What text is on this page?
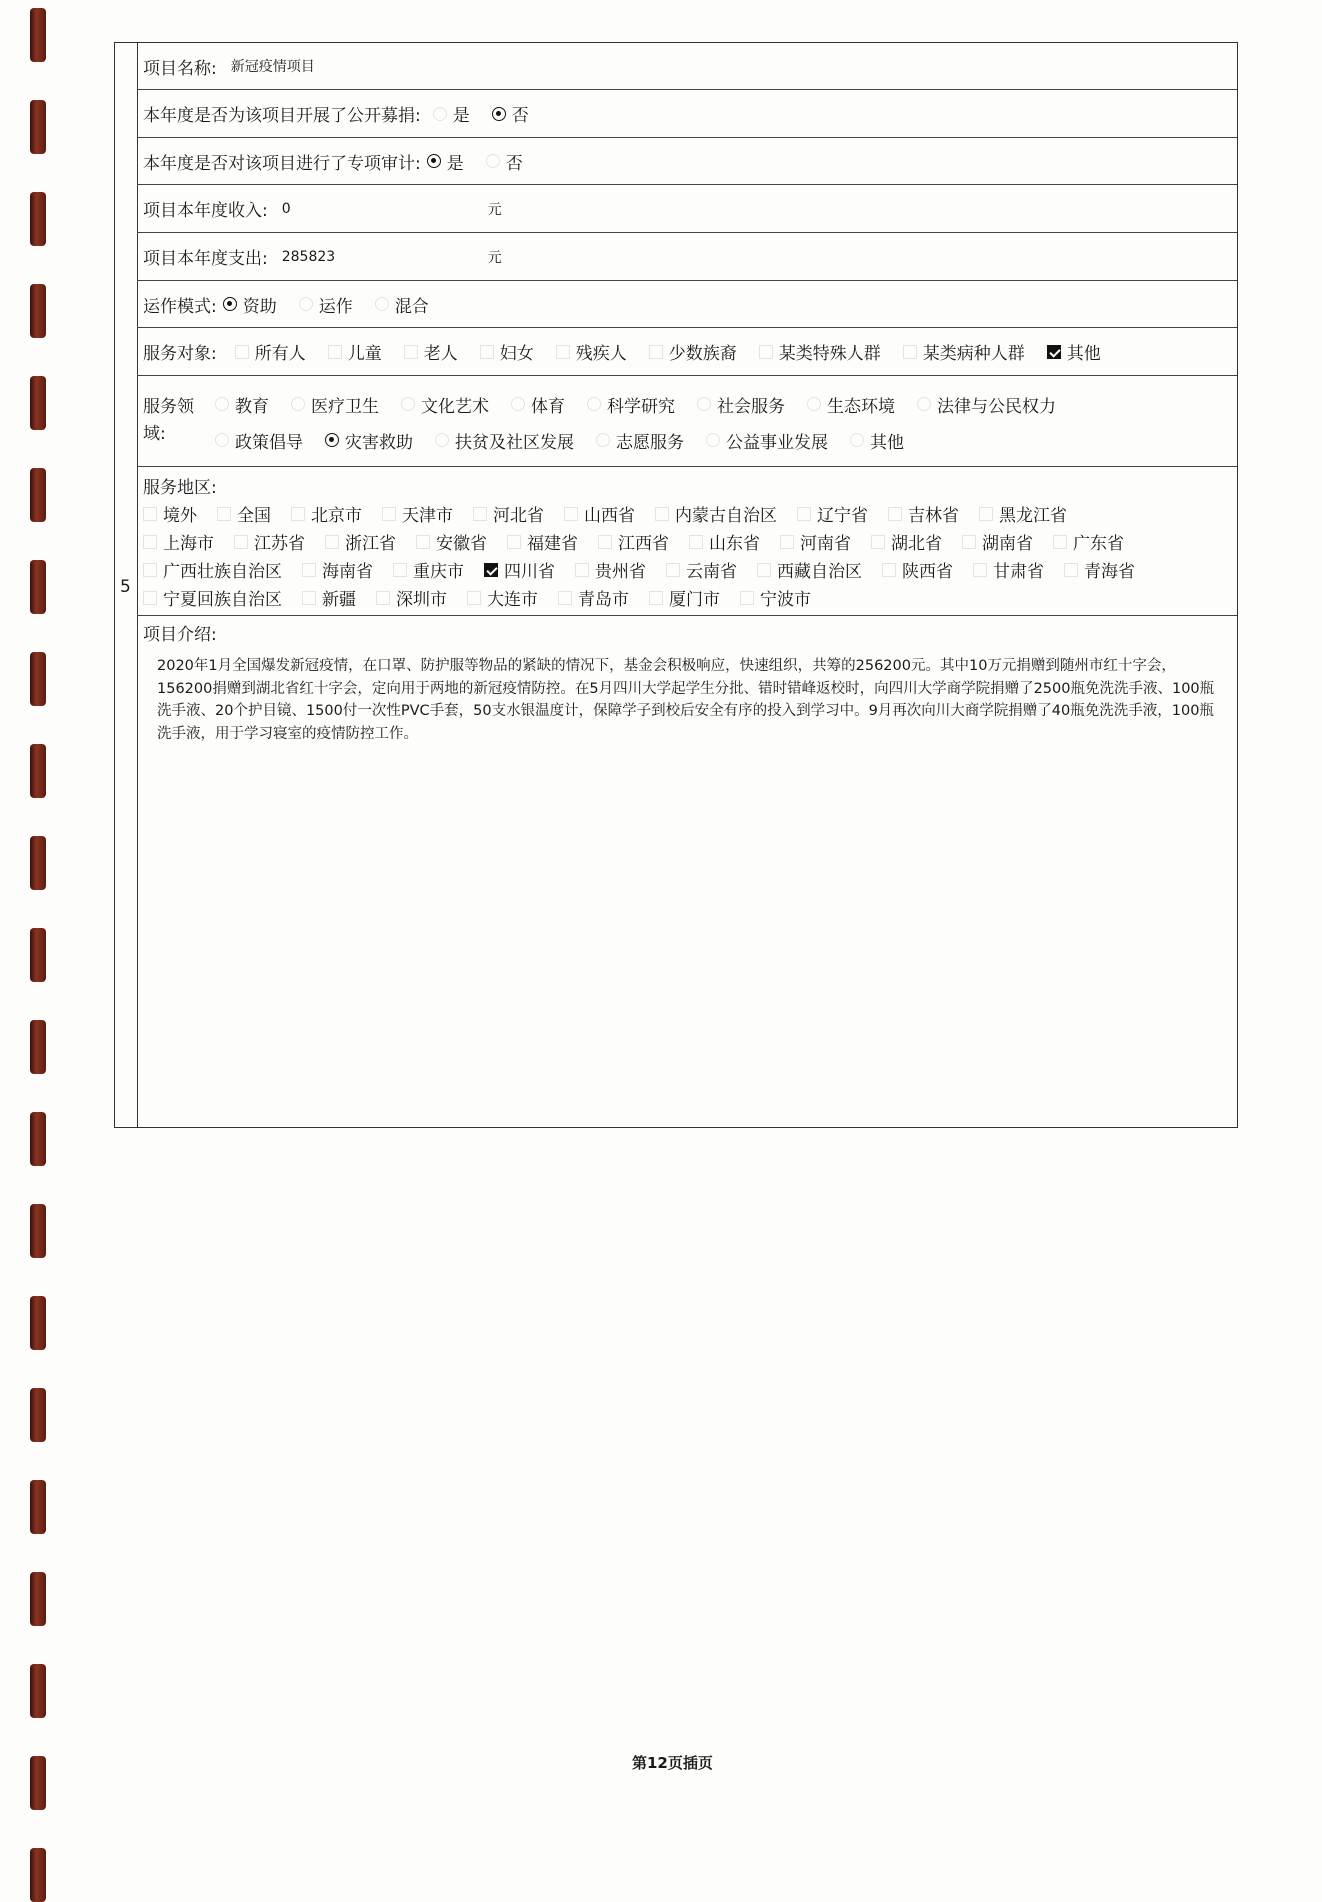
5
项目名称: 新冠疫情项目
本年度是否为该项目开展了公开募捐: 是 否
本年度是否对该项目进行了专项审计: 是 否
项目本年度收入: 0	元
项目本年度支出: 285823	元
运作模式: 资助 运作 混合
服务对象: 所有人 儿童 老人 妇女 残疾人 少数族裔 某类特殊人群 某类病种人群 其他
服务领
域:
教育 医疗卫生 文化艺术 体育 科学研究 社会服务 生态环境 法律与公民权力
政策倡导 灾害救助 扶贫及社区发展 志愿服务 公益事业发展 其他
服务地区:
境外 全国 北京市 天津市 河北省 山西省 内蒙古自治区 辽宁省 吉林省 黑龙江省
上海市 江苏省 浙江省 安徽省 福建省 江西省 山东省 河南省 湖北省 湖南省 广东省
广西壮族自治区 海南省 重庆市 四川省 贵州省 云南省 西藏自治区 陕西省 甘肃省 青海省
宁夏回族自治区 新疆 深圳市 大连市 青岛市 厦门市 宁波市
项目介绍:

2020年1月全国爆发新冠疫情，在口罩、防护服等物品的紧缺的情况下，基金会积极响应，快速组织，共筹的256200元。其中10万元捐赠到随州市红十字会，156200捐赠到湖北省红十字会，定向用于两地的新冠疫情防控。在5月四川大学起学生分批、错时错峰返校时，向四川大学商学院捐赠了2500瓶免洗洗手液、100瓶洗手液、20个护目镜、1500付一次性PVC手套，50支水银温度计，保障学子到校后安全有序的投入到学习中。9月再次向川大商学院捐赠了40瓶免洗洗手液，100瓶洗手液，用于学习寝室的疫情防控工作。

第12页插页
